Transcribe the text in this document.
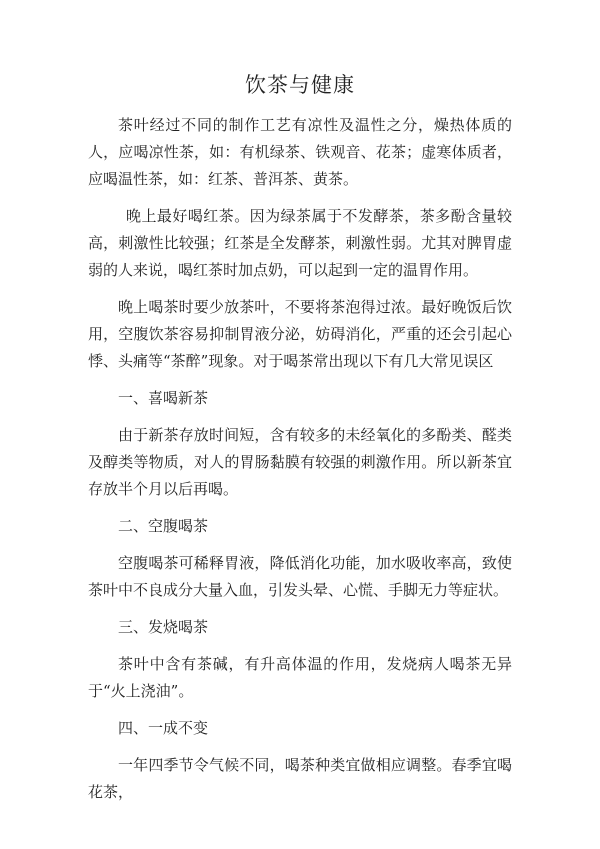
饮茶与健康

茶叶经过不同的制作工艺有凉性及温性之分，燥热体质的人，应喝凉性茶，如：有机绿茶、铁观音、花茶；虚寒体质者，应喝温性茶，如：红茶、普洱茶、黄茶。

晚上最好喝红茶。因为绿茶属于不发酵茶，茶多酚含量较高，刺激性比较强；红茶是全发酵茶，刺激性弱。尤其对脾胃虚弱的人来说，喝红茶时加点奶，可以起到一定的温胃作用。

晚上喝茶时要少放茶叶，不要将茶泡得过浓。最好晚饭后饮用，空腹饮茶容易抑制胃液分泌，妨碍消化，严重的还会引起心悸、头痛等“茶醉”现象。对于喝茶常出现以下有几大常见误区

一、喜喝新茶

由于新茶存放时间短，含有较多的未经氧化的多酚类、醛类及醇类等物质，对人的胃肠黏膜有较强的刺激作用。所以新茶宜存放半个月以后再喝。

二、空腹喝茶

空腹喝茶可稀释胃液，降低消化功能，加水吸收率高，致使茶叶中不良成分大量入血，引发头晕、心慌、手脚无力等症状。

三、发烧喝茶

茶叶中含有茶碱，有升高体温的作用，发烧病人喝茶无异于“火上浇油”。

四、一成不变

一年四季节令气候不同，喝茶种类宜做相应调整。春季宜喝花茶，
